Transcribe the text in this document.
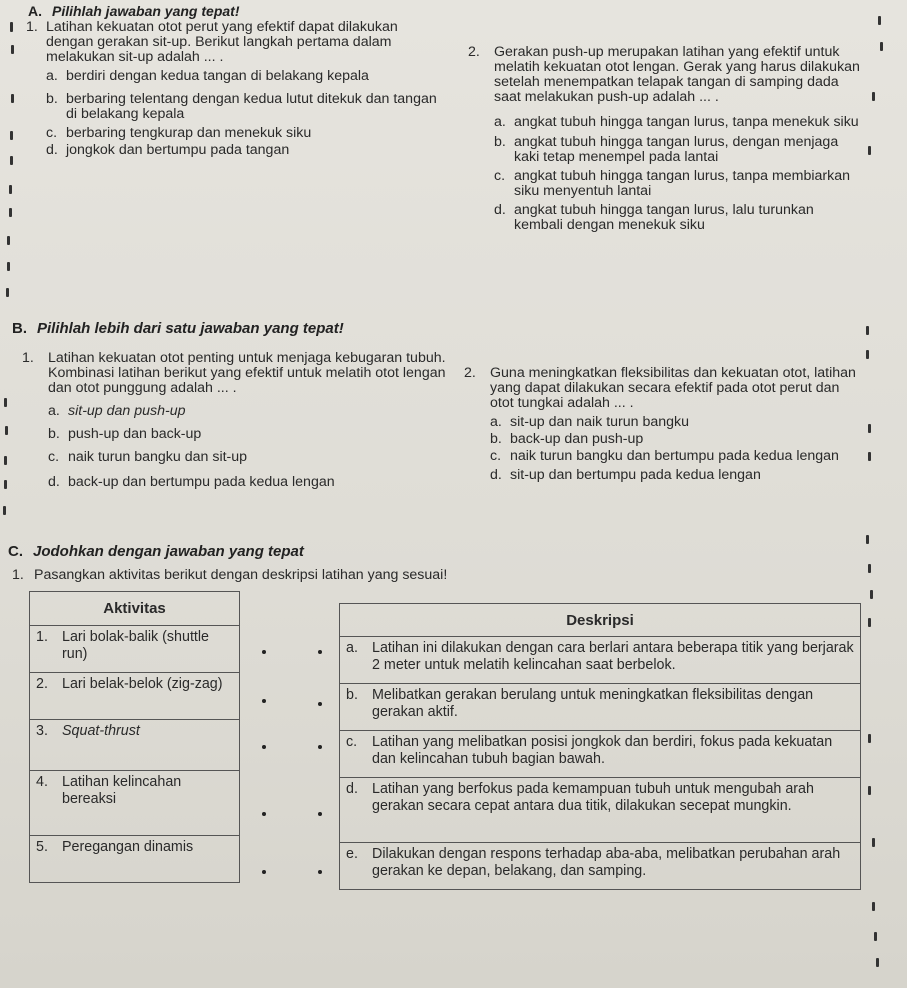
A. Pilihlah jawaban yang tepat!
1. Latihan kekuatan otot perut yang efektif dapat dilakukan dengan gerakan sit-up. Berikut langkah pertama dalam melakukan sit-up adalah ... .
a. berdiri dengan kedua tangan di belakang kepala
b. berbaring telentang dengan kedua lutut ditekuk dan tangan di belakang kepala
c. berbaring tengkurap dan menekuk siku
d. jongkok dan bertumpu pada tangan
2. Gerakan push-up merupakan latihan yang efektif untuk melatih kekuatan otot lengan. Gerak yang harus dilakukan setelah menempatkan telapak tangan di samping dada saat melakukan push-up adalah ... .
a. angkat tubuh hingga tangan lurus, tanpa menekuk siku
b. angkat tubuh hingga tangan lurus, dengan menjaga kaki tetap menempel pada lantai
c. angkat tubuh hingga tangan lurus, tanpa membiarkan siku menyentuh lantai
d. angkat tubuh hingga tangan lurus, lalu turunkan kembali dengan menekuk siku
B. Pilihlah lebih dari satu jawaban yang tepat!
1. Latihan kekuatan otot penting untuk menjaga kebugaran tubuh. Kombinasi latihan berikut yang efektif untuk melatih otot lengan dan otot punggung adalah ... .
a. sit-up dan push-up
b. push-up dan back-up
c. naik turun bangku dan sit-up
d. back-up dan bertumpu pada kedua lengan
2. Guna meningkatkan fleksibilitas dan kekuatan otot, latihan yang dapat dilakukan secara efektif pada otot perut dan otot tungkai adalah ... .
a. sit-up dan naik turun bangku
b. back-up dan push-up
c. naik turun bangku dan bertumpu pada kedua lengan
d. sit-up dan bertumpu pada kedua lengan
C. Jodohkan dengan jawaban yang tepat
1. Pasangkan aktivitas berikut dengan deskripsi latihan yang sesuai!
Aktivitas

1. Lari bolak-balik (shuttle run)

2. Lari belak-belok (zig-zag)

3. Squat-thrust

4. Latihan kelincahan bereaksi

5. Peregangan dinamis
Deskripsi

a. Latihan ini dilakukan dengan cara berlari antara beberapa titik yang berjarak 2 meter untuk melatih kelincahan saat berbelok.

b. Melibatkan gerakan berulang untuk meningkatkan fleksibilitas dengan gerakan aktif.

c. Latihan yang melibatkan posisi jongkok dan berdiri, fokus pada kekuatan dan kelincahan tubuh bagian bawah.

d. Latihan yang berfokus pada kemampuan tubuh untuk mengubah arah gerakan secara cepat antara dua titik, dilakukan secepat mungkin.

e. Dilakukan dengan respons terhadap aba-aba, melibatkan perubahan arah gerakan ke depan, belakang, dan samping.
